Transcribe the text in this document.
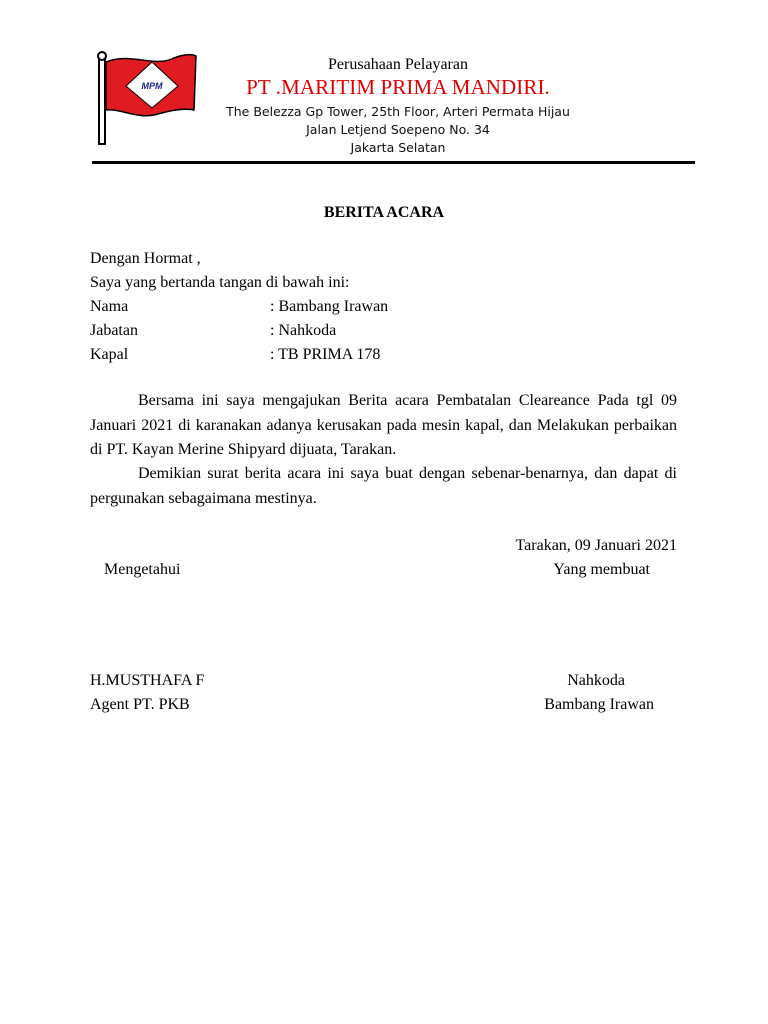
MPM
Perusahaan Pelayaran
PT .MARITIM PRIMA MANDIRI.
The Belezza Gp Tower, 25th Floor, Arteri Permata Hijau
Jalan Letjend Soepeno No. 34
Jakarta Selatan
BERITA ACARA
Dengan Hormat ,
Saya yang bertanda tangan di bawah ini:
Nama	: Bambang Irawan
Jabatan	: Nahkoda
Kapal	: TB PRIMA 178
Bersama ini saya mengajukan Berita acara Pembatalan Cleareance Pada tgl 09 Januari 2021 di karanakan adanya kerusakan pada mesin kapal, dan Melakukan perbaikan di PT. Kayan Merine Shipyard dijuata, Tarakan.
Demikian surat berita acara ini saya buat dengan sebenar-benarnya, dan dapat di pergunakan sebagaimana mestinya.
Tarakan, 09 Januari 2021
Mengetahui	Yang membuat
H.MUSTHAFA F	Nahkoda
Agent PT. PKB	Bambang Irawan
